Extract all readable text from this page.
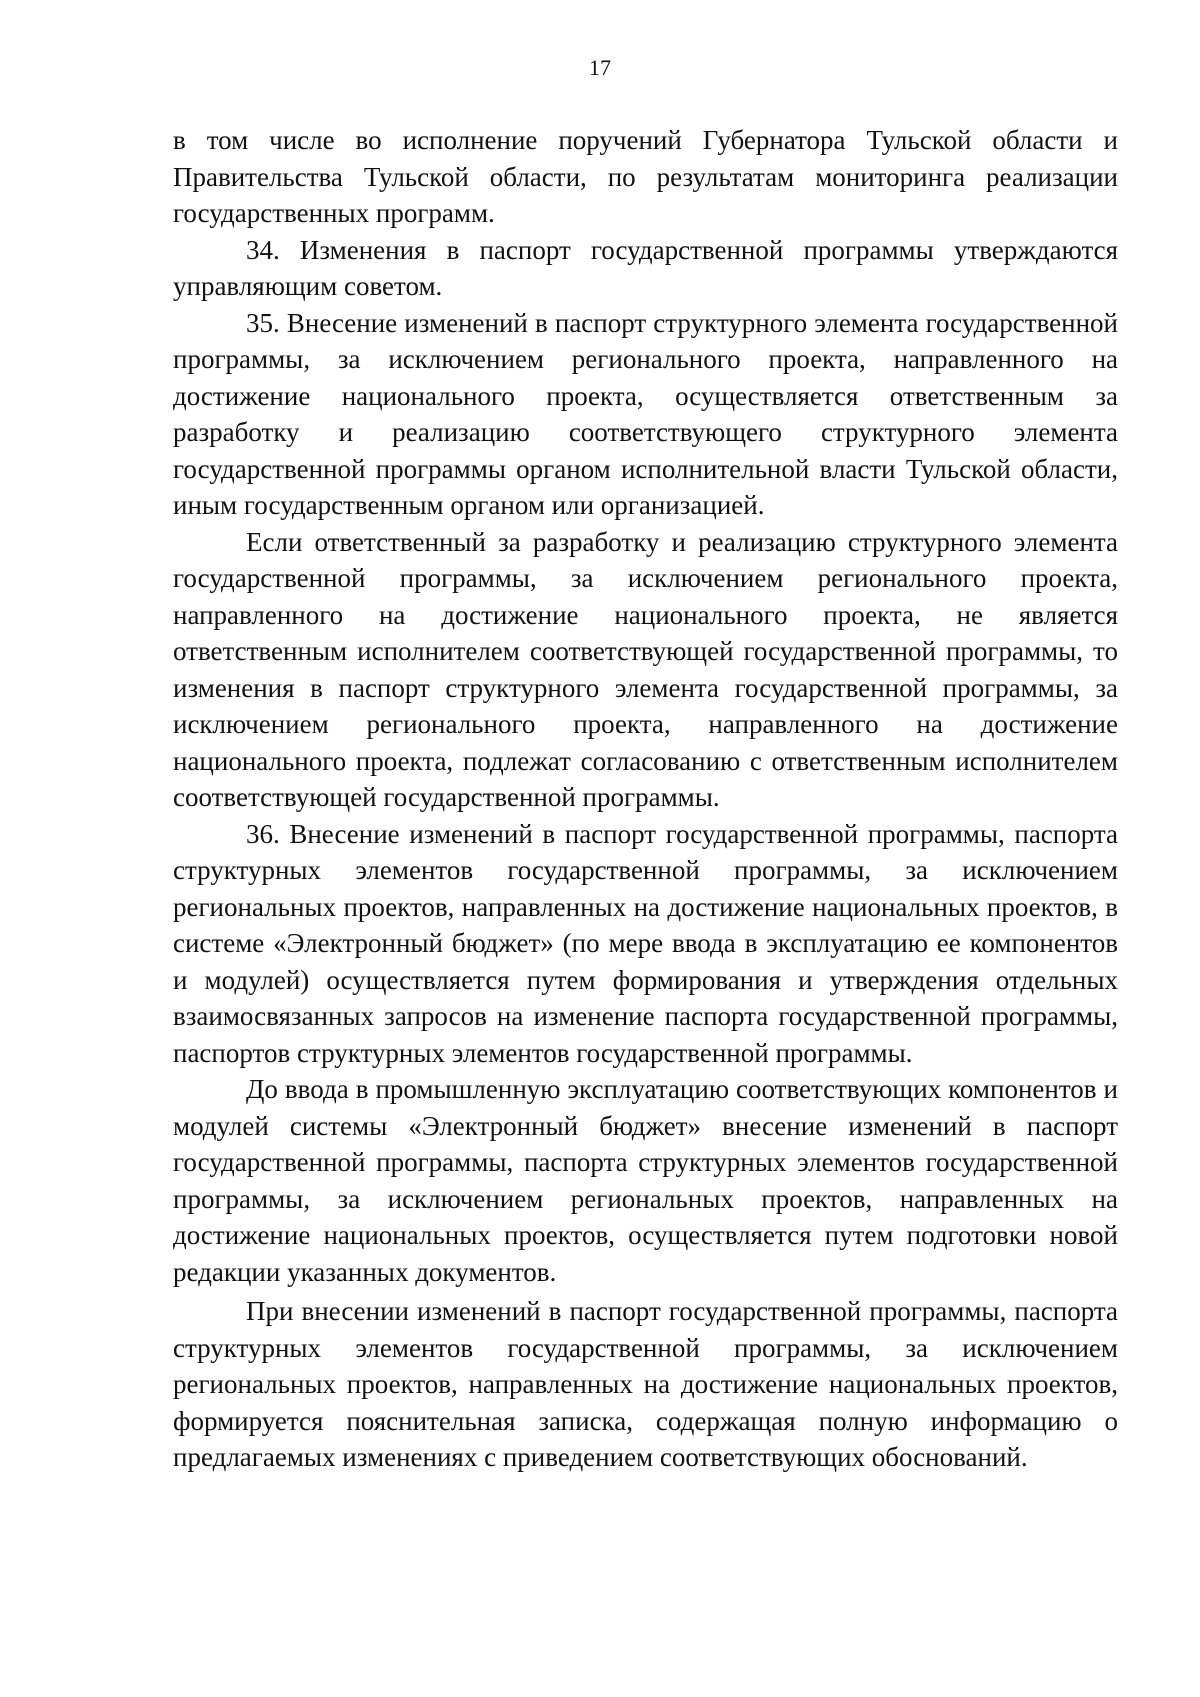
17

в том числе во исполнение поручений Губернатора Тульской области и Правительства Тульской области, по результатам мониторинга реализации государственных программ.

34. Изменения в паспорт государственной программы утверждаются управляющим советом.

35. Внесение изменений в паспорт структурного элемента государственной программы, за исключением регионального проекта, направленного на достижение национального проекта, осуществляется ответственным за разработку и реализацию соответствующего структурного элемента государственной программы органом исполнительной власти Тульской области, иным государственным органом или организацией.

Если ответственный за разработку и реализацию структурного элемента государственной программы, за исключением регионального проекта, направленного на достижение национального проекта, не является ответственным исполнителем соответствующей государственной программы, то изменения в паспорт структурного элемента государственной программы, за исключением регионального проекта, направленного на достижение национального проекта, подлежат согласованию с ответственным исполнителем соответствующей государственной программы.

36. Внесение изменений в паспорт государственной программы, паспорта структурных элементов государственной программы, за исключением региональных проектов, направленных на достижение национальных проектов, в системе «Электронный бюджет» (по мере ввода в эксплуатацию ее компонентов и модулей) осуществляется путем формирования и утверждения отдельных взаимосвязанных запросов на изменение паспорта государственной программы, паспортов структурных элементов государственной программы.

До ввода в промышленную эксплуатацию соответствующих компонентов и модулей системы «Электронный бюджет» внесение изменений в паспорт государственной программы, паспорта структурных элементов государственной программы, за исключением региональных проектов, направленных на достижение национальных проектов, осуществляется путем подготовки новой редакции указанных документов.

При внесении изменений в паспорт государственной программы, паспорта структурных элементов государственной программы, за исключением региональных проектов, направленных на достижение национальных проектов, формируется пояснительная записка, содержащая полную информацию о предлагаемых изменениях с приведением соответствующих обоснований.
